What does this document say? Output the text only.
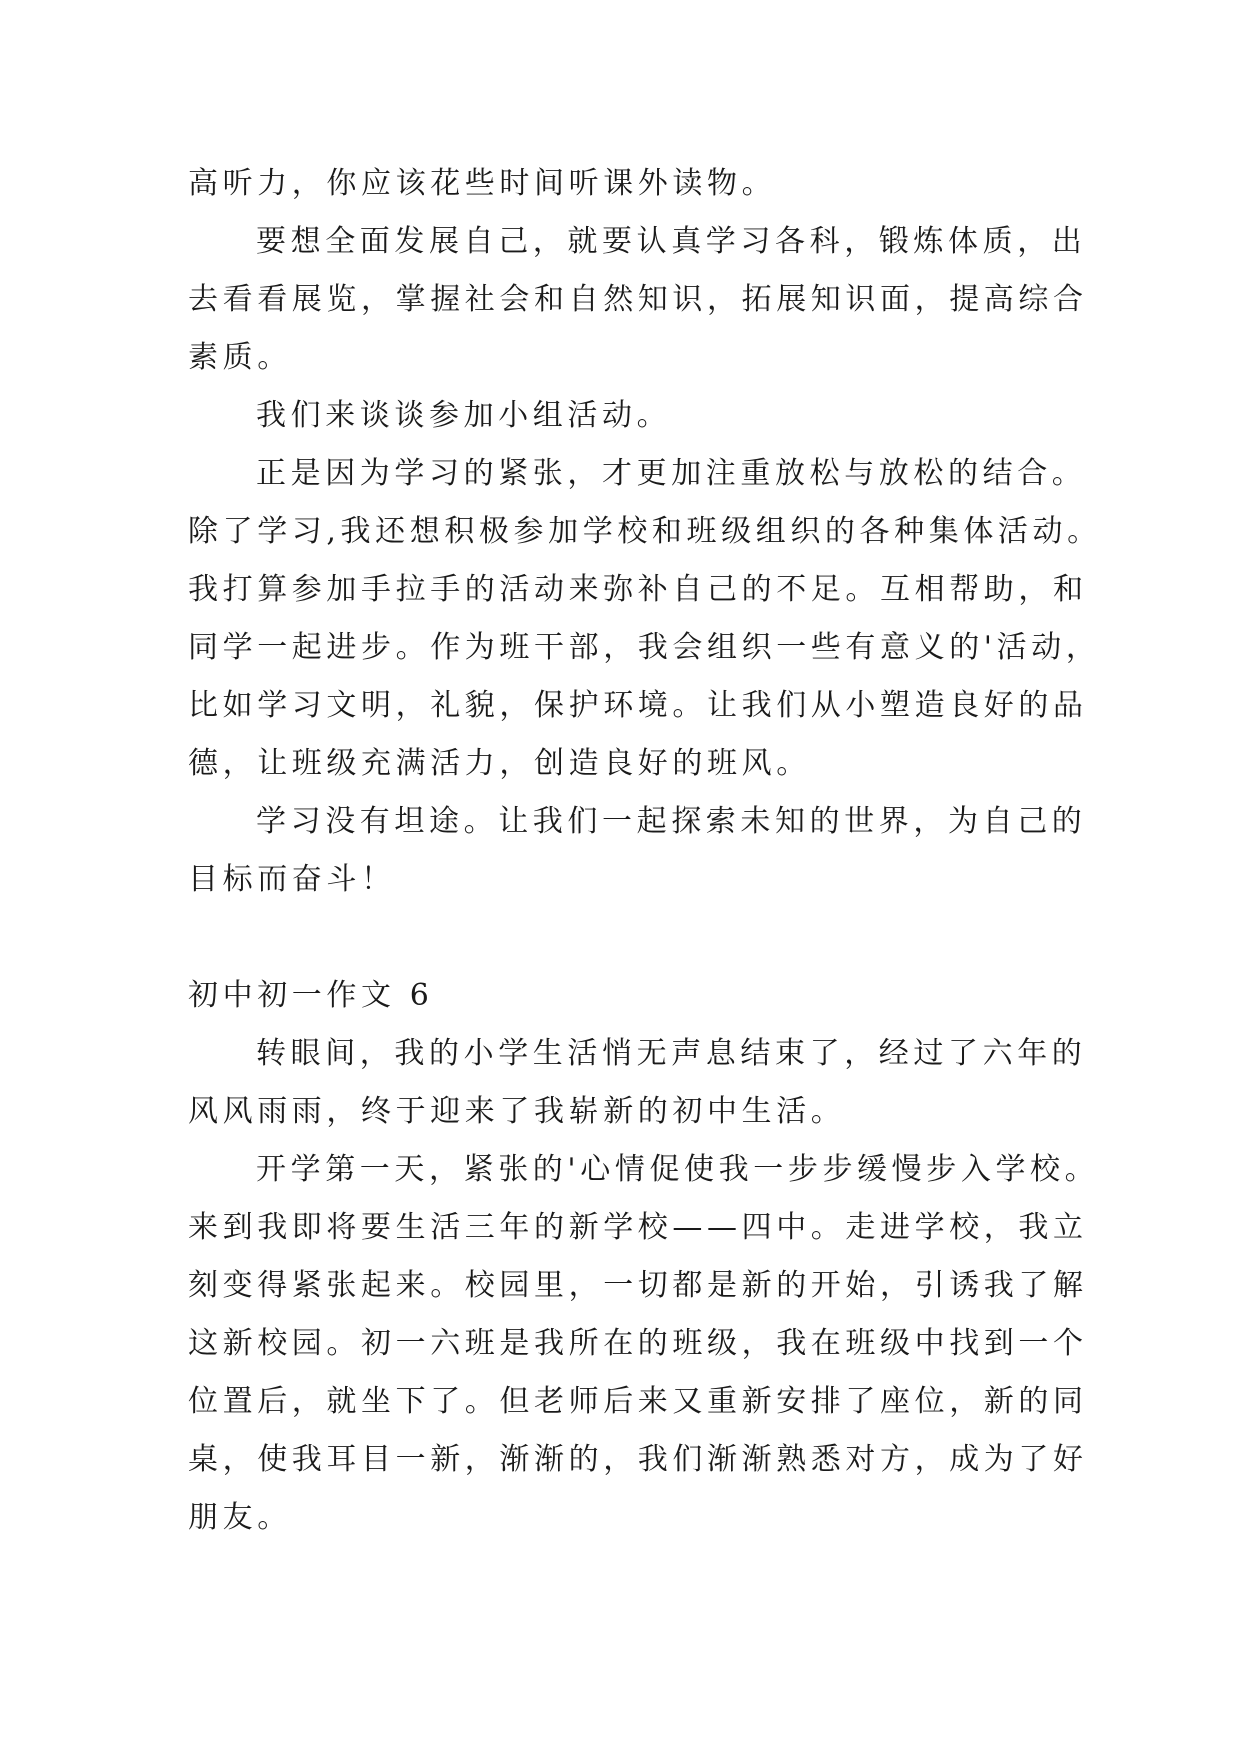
高听力，你应该花些时间听课外读物。
要想全面发展自己，就要认真学习各科，锻炼体质，出
去看看展览，掌握社会和自然知识，拓展知识面，提高综合
素质。
我们来谈谈参加小组活动。
正是因为学习的紧张，才更加注重放松与放松的结合。
除了学习,我还想积极参加学校和班级组织的各种集体活动。
我打算参加手拉手的活动来弥补自己的不足。互相帮助，和
同学一起进步。作为班干部，我会组织一些有意义的'活动，
比如学习文明，礼貌，保护环境。让我们从小塑造良好的品
德，让班级充满活力，创造良好的班风。
学习没有坦途。让我们一起探索未知的世界，为自己的
目标而奋斗！
初中初一作文 6
转眼间，我的小学生活悄无声息结束了，经过了六年的
风风雨雨，终于迎来了我崭新的初中生活。
开学第一天，紧张的'心情促使我一步步缓慢步入学校。
来到我即将要生活三年的新学校——四中。走进学校，我立
刻变得紧张起来。校园里，一切都是新的开始，引诱我了解
这新校园。初一六班是我所在的班级，我在班级中找到一个
位置后，就坐下了。但老师后来又重新安排了座位，新的同
桌，使我耳目一新，渐渐的，我们渐渐熟悉对方，成为了好
朋友。
